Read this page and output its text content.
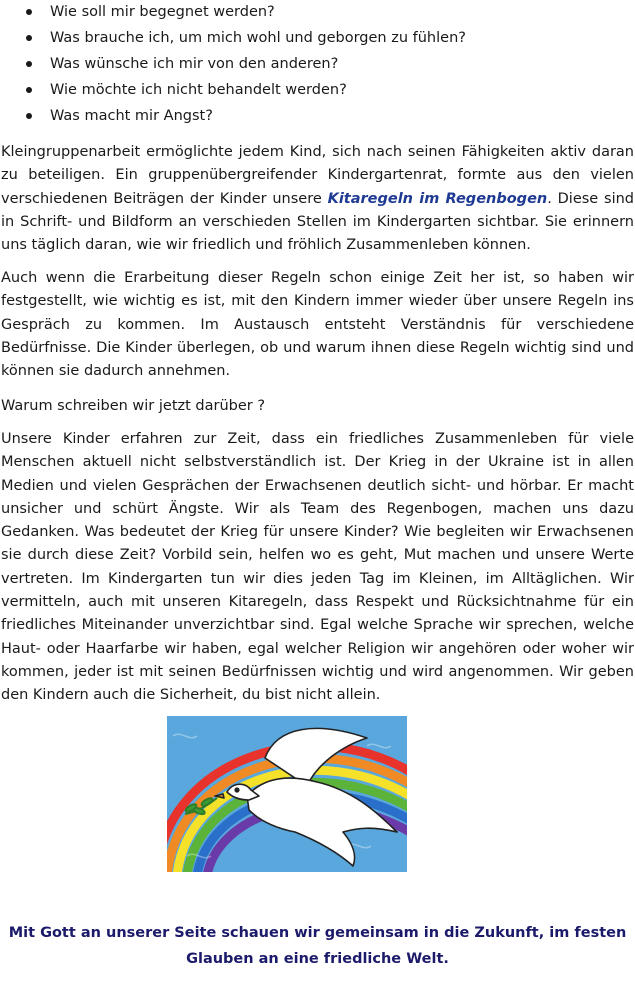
Wie soll mir begegnet werden?
Was brauche ich, um mich wohl und geborgen zu fühlen?
Was wünsche ich mir von den anderen?
Wie möchte ich nicht behandelt werden?
Was macht mir Angst?

Kleingruppenarbeit ermöglichte jedem Kind, sich nach seinen Fähigkeiten aktiv daran zu beteiligen. Ein gruppenübergreifender Kindergartenrat, formte aus den vielen verschiedenen Beiträgen der Kinder unsere Kitaregeln im Regenbogen. Diese sind in Schrift- und Bildform an verschieden Stellen im Kindergarten sichtbar. Sie erinnern uns täglich daran, wie wir friedlich und fröhlich Zusammenleben können.

Auch wenn die Erarbeitung dieser Regeln schon einige Zeit her ist, so haben wir festgestellt, wie wichtig es ist, mit den Kindern immer wieder über unsere Regeln ins Gespräch zu kommen. Im Austausch entsteht Verständnis für verschiedene Bedürfnisse. Die Kinder überlegen, ob und warum ihnen diese Regeln wichtig sind und können sie dadurch annehmen.

Warum schreiben wir jetzt darüber ?

Unsere Kinder erfahren zur Zeit, dass ein friedliches Zusammenleben für viele Menschen aktuell nicht selbstverständlich ist. Der Krieg in der Ukraine ist in allen Medien und vielen Gesprächen der Erwachsenen deutlich sicht- und hörbar. Er macht unsicher und schürt Ängste. Wir als Team des Regenbogen, machen uns dazu Gedanken. Was bedeutet der Krieg für unsere Kinder? Wie begleiten wir Erwachsenen sie durch diese Zeit? Vorbild sein, helfen wo es geht, Mut machen und unsere Werte vertreten. Im Kindergarten tun wir dies jeden Tag im Kleinen, im Alltäglichen. Wir vermitteln, auch mit unseren Kitaregeln, dass Respekt und Rücksichtnahme für ein friedliches Miteinander unverzichtbar sind. Egal welche Sprache wir sprechen, welche Haut- oder Haarfarbe wir haben, egal welcher Religion wir angehören oder woher wir kommen, jeder ist mit seinen Bedürfnissen wichtig und wird angenommen. Wir geben den Kindern auch die Sicherheit, du bist nicht allein.

Mit Gott an unserer Seite schauen wir gemeinsam in die Zukunft, im festen
Glauben an eine friedliche Welt.
